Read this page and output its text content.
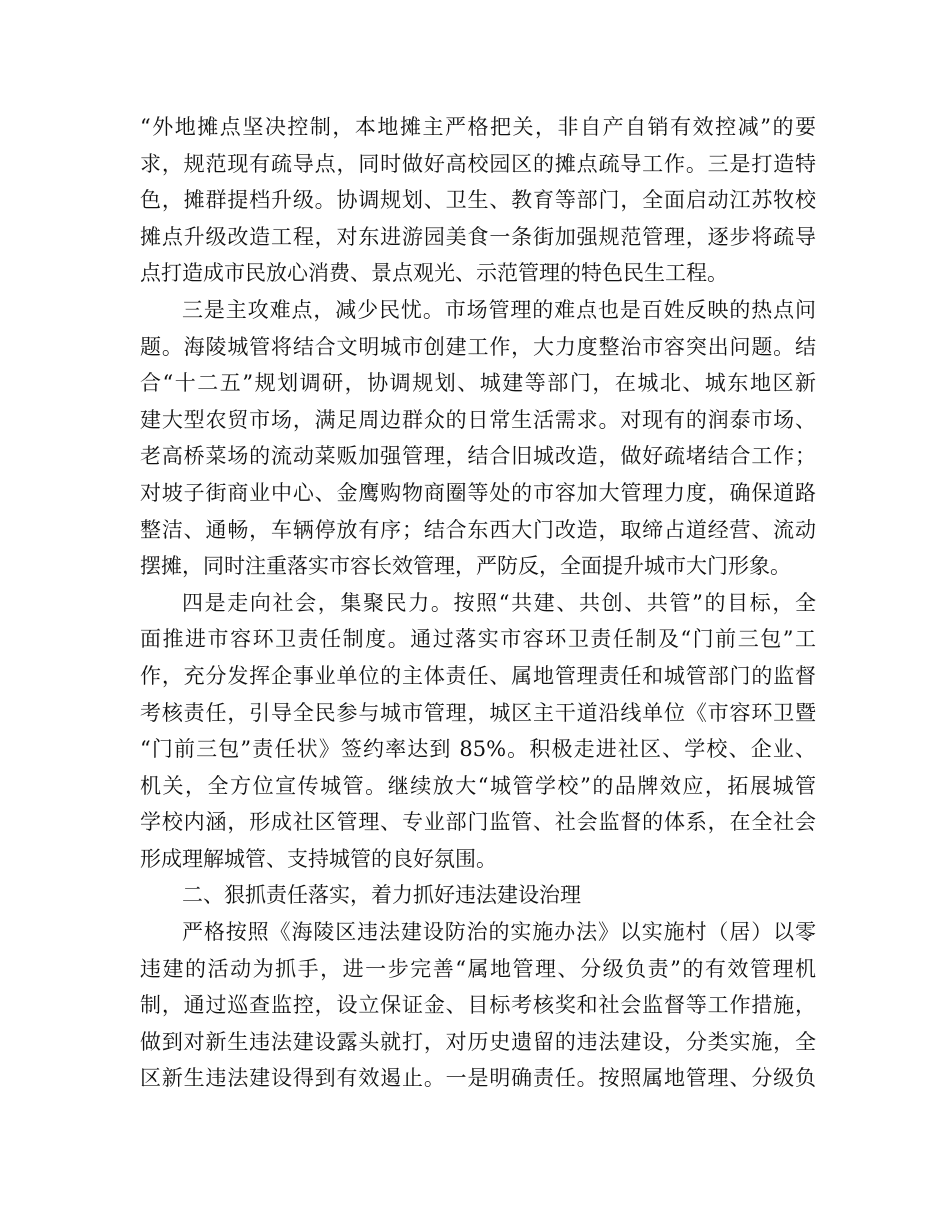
“外地摊点坚决控制，本地摊主严格把关，非自产自销有效控减”的要
求，规范现有疏导点，同时做好高校园区的摊点疏导工作。三是打造特
色，摊群提档升级。协调规划、卫生、教育等部门，全面启动江苏牧校
摊点升级改造工程，对东进游园美食一条街加强规范管理，逐步将疏导
点打造成市民放心消费、景点观光、示范管理的特色民生工程。
三是主攻难点，减少民忧。市场管理的难点也是百姓反映的热点问
题。海陵城管将结合文明城市创建工作，大力度整治市容突出问题。结
合“十二五”规划调研，协调规划、城建等部门，在城北、城东地区新
建大型农贸市场，满足周边群众的日常生活需求。对现有的润泰市场、
老高桥菜场的流动菜贩加强管理，结合旧城改造，做好疏堵结合工作；
对坡子街商业中心、金鹰购物商圈等处的市容加大管理力度，确保道路
整洁、通畅，车辆停放有序；结合东西大门改造，取缔占道经营、流动
摆摊，同时注重落实市容长效管理，严防反，全面提升城市大门形象。
四是走向社会，集聚民力。按照“共建、共创、共管”的目标，全
面推进市容环卫责任制度。通过落实市容环卫责任制及“门前三包”工
作，充分发挥企事业单位的主体责任、属地管理责任和城管部门的监督
考核责任，引导全民参与城市管理，城区主干道沿线单位《市容环卫暨
“门前三包”责任状》签约率达到 85%。积极走进社区、学校、企业、
机关，全方位宣传城管。继续放大“城管学校”的品牌效应，拓展城管
学校内涵，形成社区管理、专业部门监管、社会监督的体系，在全社会
形成理解城管、支持城管的良好氛围。
二、狠抓责任落实，着力抓好违法建设治理
严格按照《海陵区违法建设防治的实施办法》以实施村（居）以零
违建的活动为抓手，进一步完善“属地管理、分级负责”的有效管理机
制，通过巡查监控，设立保证金、目标考核奖和社会监督等工作措施，
做到对新生违法建设露头就打，对历史遗留的违法建设，分类实施，全
区新生违法建设得到有效遏止。一是明确责任。按照属地管理、分级负
